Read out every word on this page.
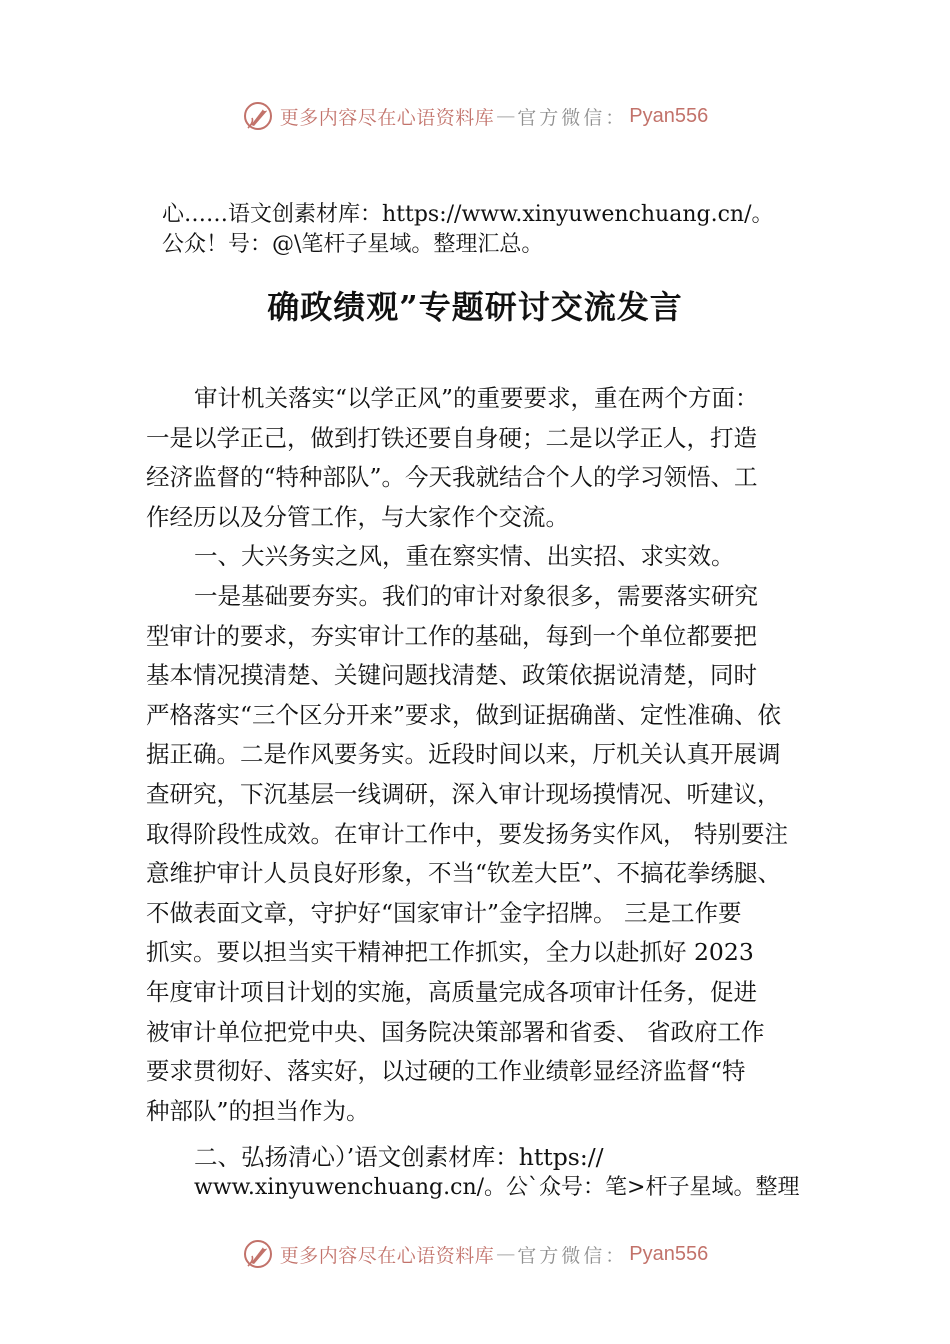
更多内容尽在心语资料库 — 官方微信： Pyan556
心……语文创素材库：https://www.xinyuwenchuang.cn/。
公众！号：@\笔杆子星域。整理汇总。
确政绩观”专题研讨交流发言
审计机关落实“以学正风”的重要要求，重在两个方面：
一是以学正己，做到打铁还要自身硬；二是以学正人，打造
经济监督的“特种部队”。今天我就结合个人的学习领悟、工
作经历以及分管工作，与大家作个交流。
一、大兴务实之风，重在察实情、出实招、求实效。
一是基础要夯实。我们的审计对象很多，需要落实研究
型审计的要求，夯实审计工作的基础，每到一个单位都要把
基本情况摸清楚、关键问题找清楚、政策依据说清楚，同时
严格落实“三个区分开来”要求，做到证据确凿、定性准确、依
据正确。二是作风要务实。近段时间以来，厅机关认真开展调
查研究，下沉基层一线调研，深入审计现场摸情况、听建议，
取得阶段性成效。在审计工作中，要发扬务实作风， 特别要注
意维护审计人员良好形象，不当“钦差大臣”、不搞花拳绣腿、
不做表面文章，守护好“国家审计”金字招牌。 三是工作要
抓实。要以担当实干精神把工作抓实，全力以赴抓好 2023
年度审计项目计划的实施，高质量完成各项审计任务，促进
被审计单位把党中央、国务院决策部署和省委、 省政府工作
要求贯彻好、落实好，以过硬的工作业绩彰显经济监督“特
种部队”的担当作为。
二、弘扬清心）’语文创素材库：https://
www.xinyuwenchuang.cn/。公`众号：笔>杆子星域。整理
更多内容尽在心语资料库 — 官方微信： Pyan556
